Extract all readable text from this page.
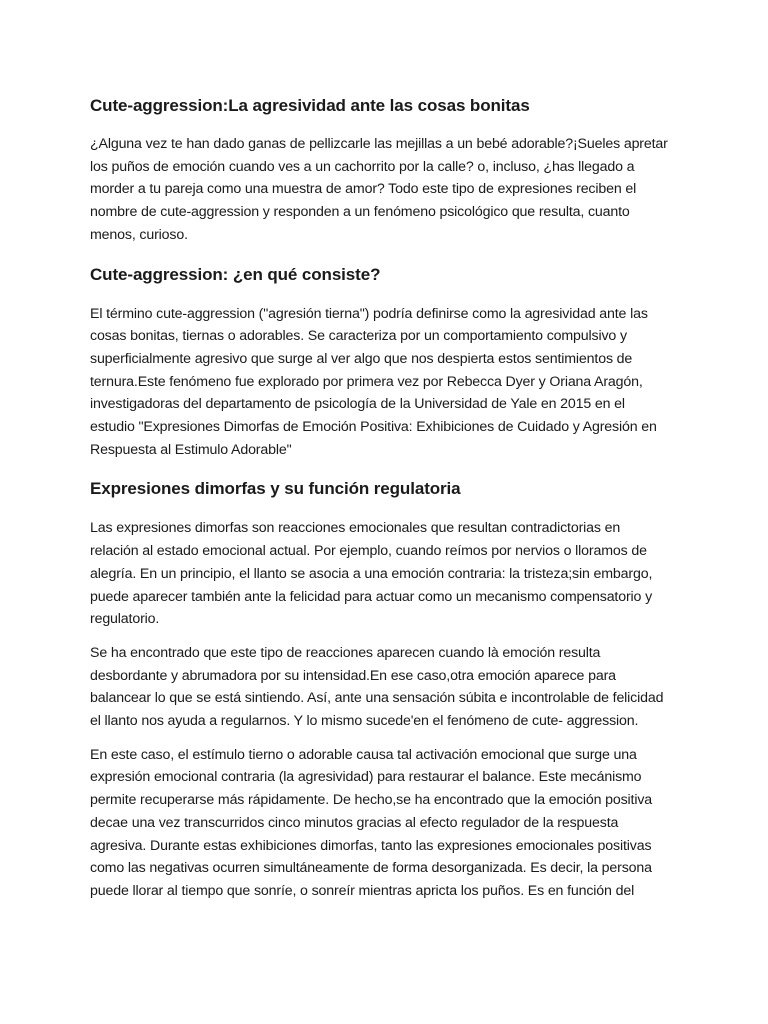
Cute-aggression:La agresividad ante las cosas bonitas

¿Alguna vez te han dado ganas de pellizcarle las mejillas a un bebé adorable?¡Sueles apretar
los puños de emoción cuando ves a un cachorrito por la calle? o, incluso, ¿has llegado a
morder a tu pareja como una muestra de amor? Todo este tipo de expresiones reciben el
nombre de cute-aggression y responden a un fenómeno psicológico que resulta, cuanto
menos, curioso.

Cute-aggression: ¿en qué consiste?

El término cute-aggression ("agresión tierna") podría definirse como la agresividad ante las
cosas bonitas, tiernas o adorables. Se caracteriza por un comportamiento compulsivo y
superficialmente agresivo que surge al ver algo que nos despierta estos sentimientos de
ternura.Este fenómeno fue explorado por primera vez por Rebecca Dyer y Oriana Aragón,
investigadoras del departamento de psicología de la Universidad de Yale en 2015 en el
estudio "Expresiones Dimorfas de Emoción Positiva: Exhibiciones de Cuidado y Agresión en
Respuesta al Estimulo Adorable"

Expresiones dimorfas y su función regulatoria

Las expresiones dimorfas son reacciones emocionales que resultan contradictorias en
relación al estado emocional actual. Por ejemplo, cuando reímos por nervios o lloramos de
alegría. En un principio, el llanto se asocia a una emoción contraria: la tristeza;sin embargo,
puede aparecer también ante la felicidad para actuar como un mecanismo compensatorio y
regulatorio.

Se ha encontrado que este tipo de reacciones aparecen cuando là emoción resulta
desbordante y abrumadora por su intensidad.En ese caso,otra emoción aparece para
balancear lo que se está sintiendo. Así, ante una sensación súbita e incontrolable de felicidad
el llanto nos ayuda a regularnos. Y lo mismo sucede'en el fenómeno de cute- aggression.

En este caso, el estímulo tierno o adorable causa tal activación emocional que surge una
expresión emocional contraria (la agresividad) para restaurar el balance. Este mecánismo
permite recuperarse más rápidamente. De hecho,se ha encontrado que la emoción positiva
decae una vez transcurridos cinco minutos gracias al efecto regulador de la respuesta
agresiva. Durante estas exhibiciones dimorfas, tanto las expresiones emocionales positivas
como las negativas ocurren simultáneamente de forma desorganizada. Es decir, la persona
puede llorar al tiempo que sonríe, o sonreír mientras apricta los puños. Es en función del
